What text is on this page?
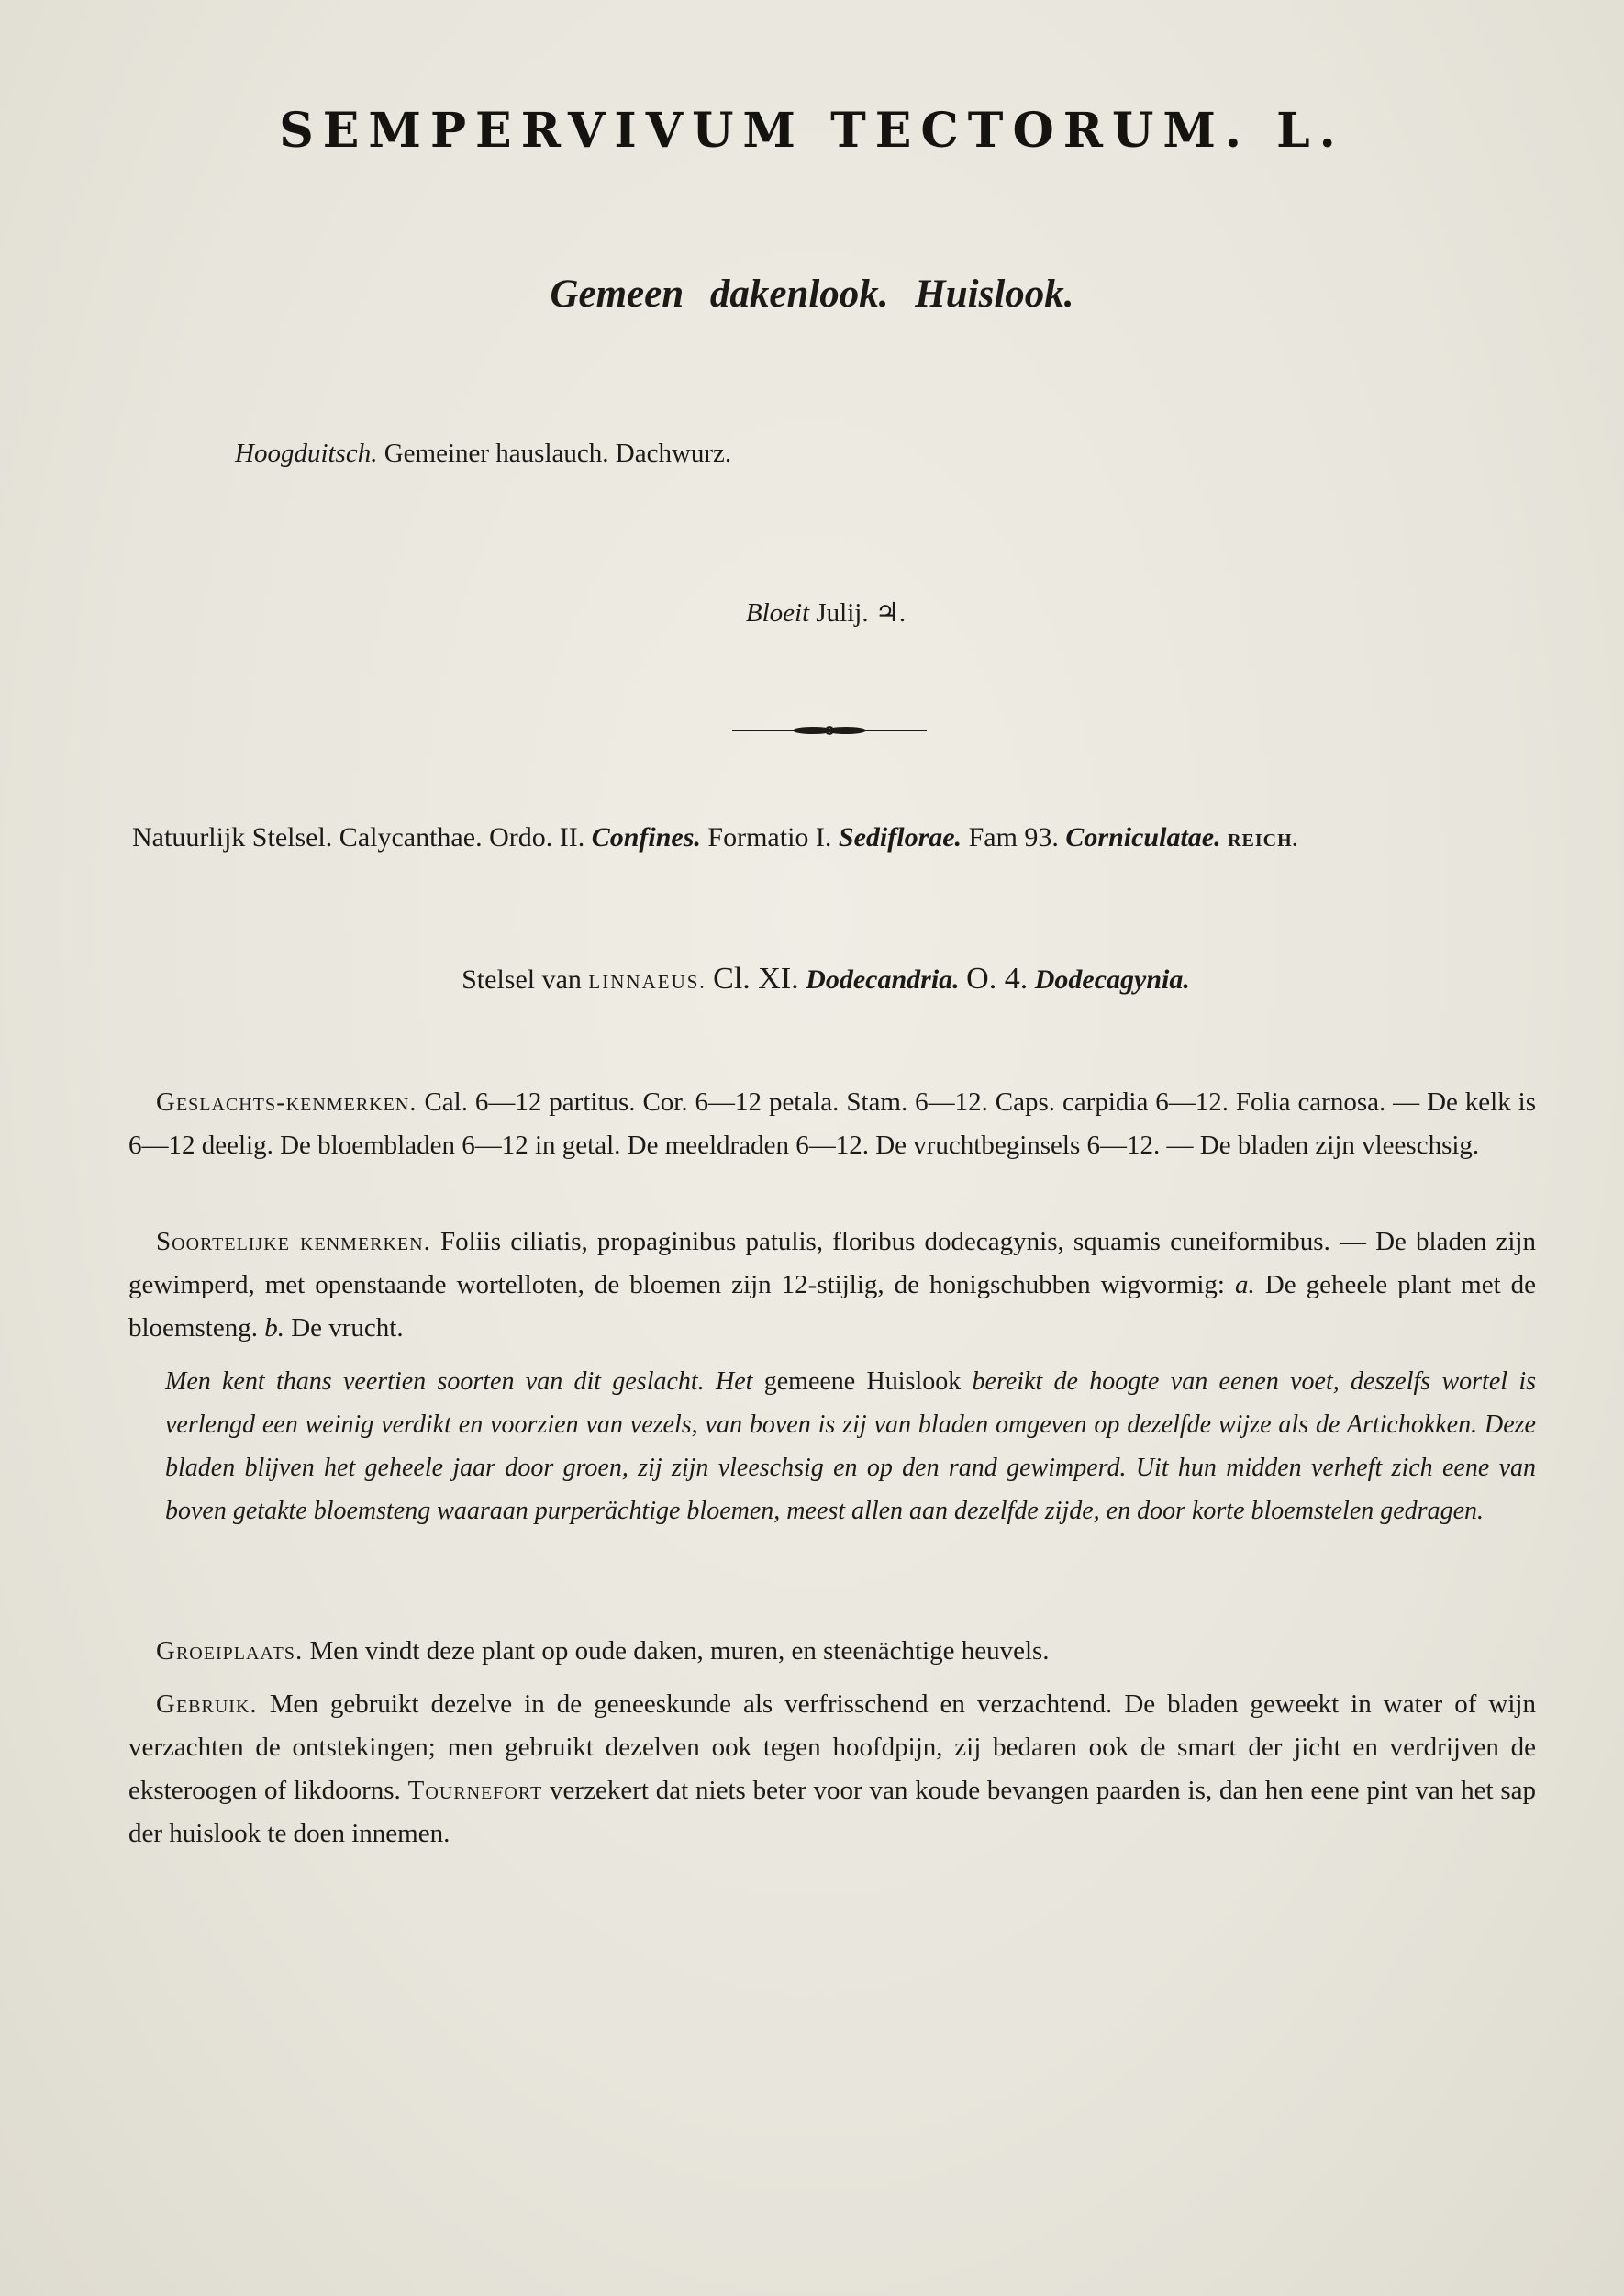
SEMPERVIVUM TECTORUM. L.
Gemeen dakenlook. Huislook.
Hoogduitsch. Gemeiner hauslauch. Dachwurz.
Bloeit Julij. ♃.
Natuurlijk Stelsel. Calycanthae. Ordo. II. Confines. Formatio I. Sediflorae. Fam 93. Corniculatae. REICH.
Stelsel van LINNAEUS. Cl. XI. Dodecandria. O. 4. Dodecagynia.

Geslachts-kenmerken. Cal. 6—12 partitus. Cor. 6—12 petala. Stam. 6—12. Caps. carpidia 6—12. Folia carnosa. — De kelk is 6—12 deelig. De bloembladen 6—12 in getal. De meeldraden 6—12. De vruchtbeginsels 6—12. — De bladen zijn vleeschsig.

Soortelijke kenmerken. Foliis ciliatis, propaginibus patulis, floribus dodecagynis, squamis cuneiformibus. — De bladen zijn gewimperd, met openstaande wortelloten, de bloemen zijn 12-stijlig, de honigschubben wigvormig: a. De geheele plant met de bloemsteng. b. De vrucht.

Men kent thans veertien soorten van dit geslacht. Het gemeene Huislook bereikt de hoogte van eenen voet, deszelfs wortel is verlengd een weinig verdikt en voorzien van vezels, van boven is zij van bladen omgeven op dezelfde wijze als de Artichokken. Deze bladen blijven het geheele jaar door groen, zij zijn vleeschsig en op den rand gewimperd. Uit hun midden verheft zich eene van boven getakte bloemsteng waaraan purperächtige bloemen, meest allen aan dezelfde zijde, en door korte bloemstelen gedragen.

Groeiplaats. Men vindt deze plant op oude daken, muren, en steenächtige heuvels.

Gebruik. Men gebruikt dezelve in de geneeskunde als verfrisschend en verzachtend. De bladen geweekt in water of wijn verzachten de ontstekingen; men gebruikt dezelven ook tegen hoofdpijn, zij bedaren ook de smart der jicht en verdrijven de eksteroogen of likdoorns. Tournefort verzekert dat niets beter voor van koude bevangen paarden is, dan hen eene pint van het sap der huislook te doen innemen.
